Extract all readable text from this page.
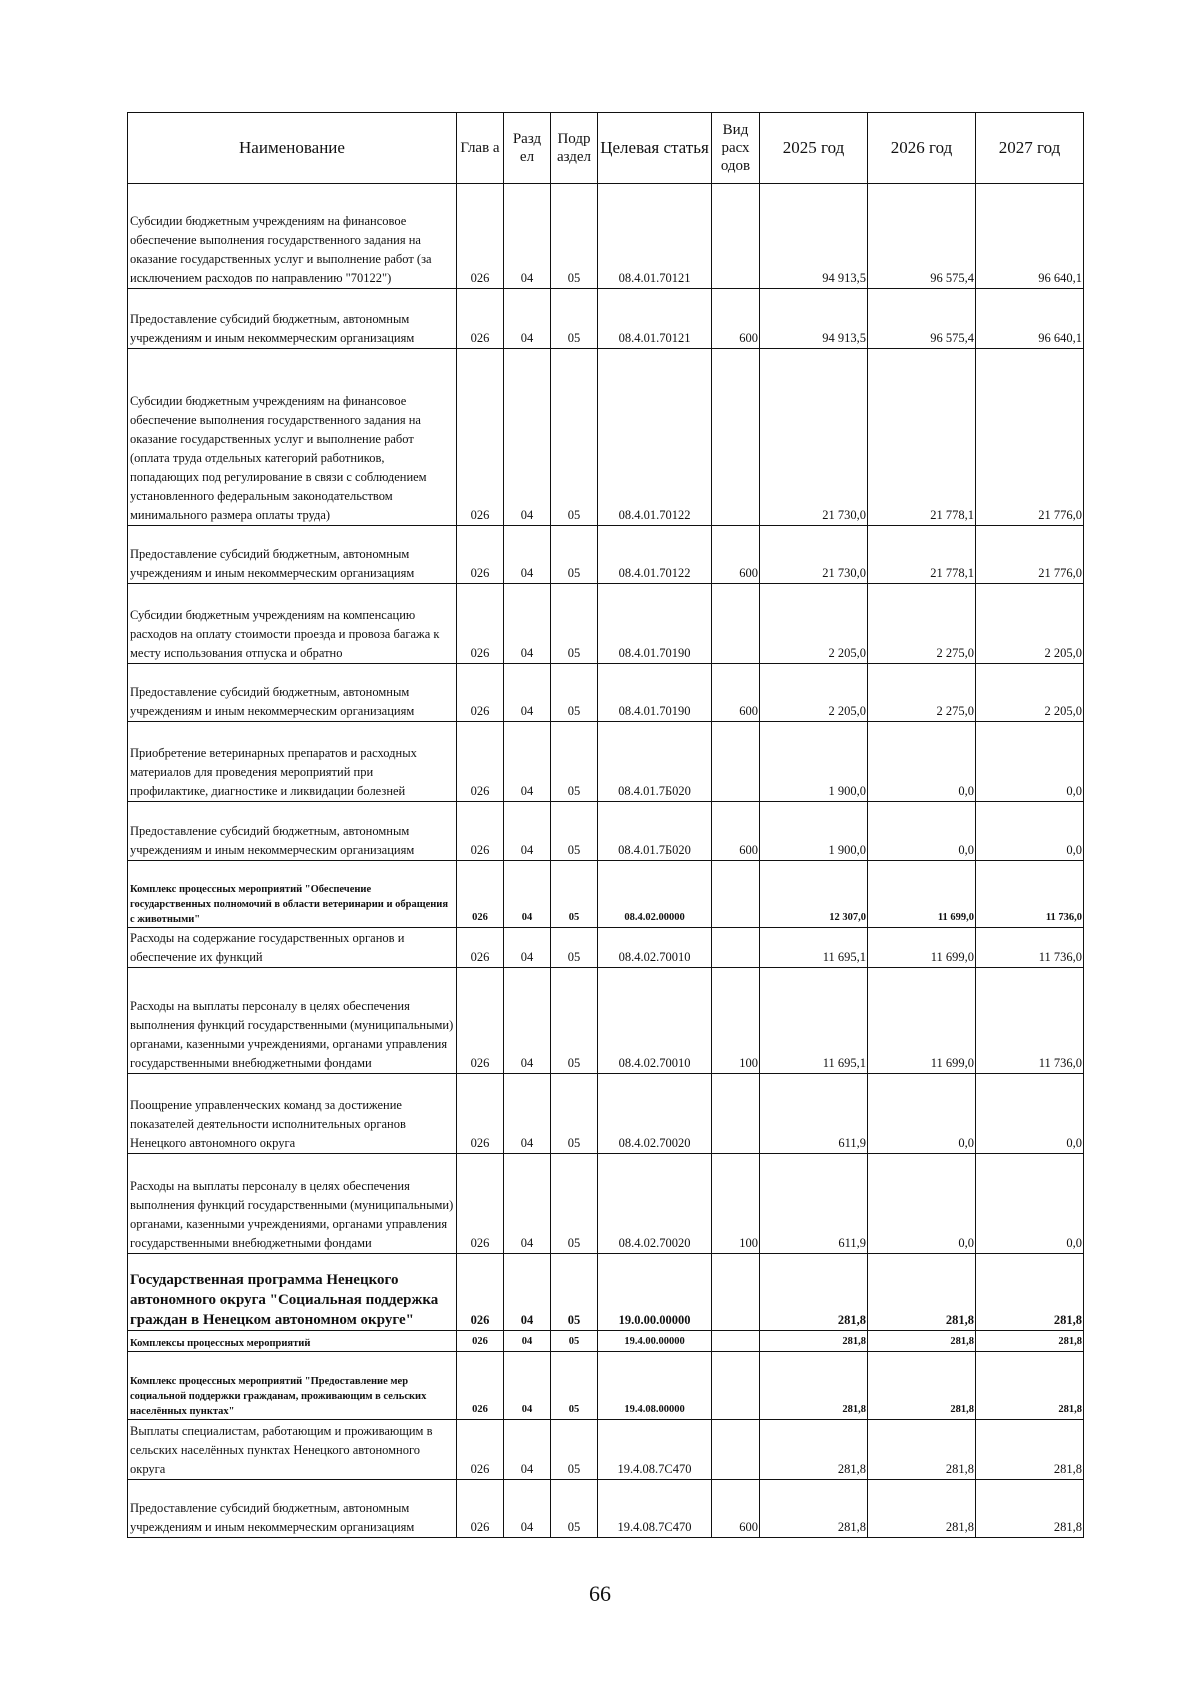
Наименование	Глав а	Разд ел	Подр аздел	Целевая статья	Вид расх одов	2025 год	2026 год	2027 год
Субсидии бюджетным учреждениям на финансовое обеспечение выполнения государственного задания на оказание государственных услуг и выполнение работ (за исключением расходов по направлению "70122")	026	04	05	08.4.01.70121		94 913,5	96 575,4	96 640,1
Предоставление субсидий бюджетным, автономным учреждениям и иным некоммерческим организациям	026	04	05	08.4.01.70121	600	94 913,5	96 575,4	96 640,1
Субсидии бюджетным учреждениям на финансовое обеспечение выполнения государственного задания на оказание государственных услуг и выполнение работ (оплата труда отдельных категорий работников, попадающих под регулирование в связи с соблюдением установленного федеральным законодательством минимального размера оплаты труда)	026	04	05	08.4.01.70122		21 730,0	21 778,1	21 776,0
Предоставление субсидий бюджетным, автономным учреждениям и иным некоммерческим организациям	026	04	05	08.4.01.70122	600	21 730,0	21 778,1	21 776,0
Субсидии бюджетным учреждениям на компенсацию расходов на оплату стоимости проезда и провоза багажа к месту использования отпуска и обратно	026	04	05	08.4.01.70190		2 205,0	2 275,0	2 205,0
Предоставление субсидий бюджетным, автономным учреждениям и иным некоммерческим организациям	026	04	05	08.4.01.70190	600	2 205,0	2 275,0	2 205,0
Приобретение ветеринарных препаратов и расходных материалов для проведения мероприятий при профилактике, диагностике и ликвидации болезней	026	04	05	08.4.01.7Б020		1 900,0	0,0	0,0
Предоставление субсидий бюджетным, автономным учреждениям и иным некоммерческим организациям	026	04	05	08.4.01.7Б020	600	1 900,0	0,0	0,0
Комплекс процессных мероприятий "Обеспечение государственных полномочий в области ветеринарии и обращения с животными"	026	04	05	08.4.02.00000		12 307,0	11 699,0	11 736,0
Расходы на содержание государственных органов и обеспечение их функций	026	04	05	08.4.02.70010		11 695,1	11 699,0	11 736,0
Расходы на выплаты персоналу в целях обеспечения выполнения функций государственными (муниципальными) органами, казенными учреждениями, органами управления государственными внебюджетными фондами	026	04	05	08.4.02.70010	100	11 695,1	11 699,0	11 736,0
Поощрение управленческих команд за достижение показателей деятельности исполнительных органов Ненецкого автономного округа	026	04	05	08.4.02.70020		611,9	0,0	0,0
Расходы на выплаты персоналу в целях обеспечения выполнения функций государственными (муниципальными) органами, казенными учреждениями, органами управления государственными внебюджетными фондами	026	04	05	08.4.02.70020	100	611,9	0,0	0,0
Государственная программа Ненецкого автономного округа "Социальная поддержка граждан в Ненецком автономном округе"	026	04	05	19.0.00.00000		281,8	281,8	281,8
Комплексы процессных мероприятий	026	04	05	19.4.00.00000		281,8	281,8	281,8
Комплекс процессных мероприятий "Предоставление мер социальной поддержки гражданам, проживающим в сельских населённых пунктах"	026	04	05	19.4.08.00000		281,8	281,8	281,8
Выплаты специалистам, работающим и проживающим в сельских населённых пунктах Ненецкого автономного округа	026	04	05	19.4.08.7С470		281,8	281,8	281,8
Предоставление субсидий бюджетным, автономным учреждениям и иным некоммерческим организациям	026	04	05	19.4.08.7С470	600	281,8	281,8	281,8
66
